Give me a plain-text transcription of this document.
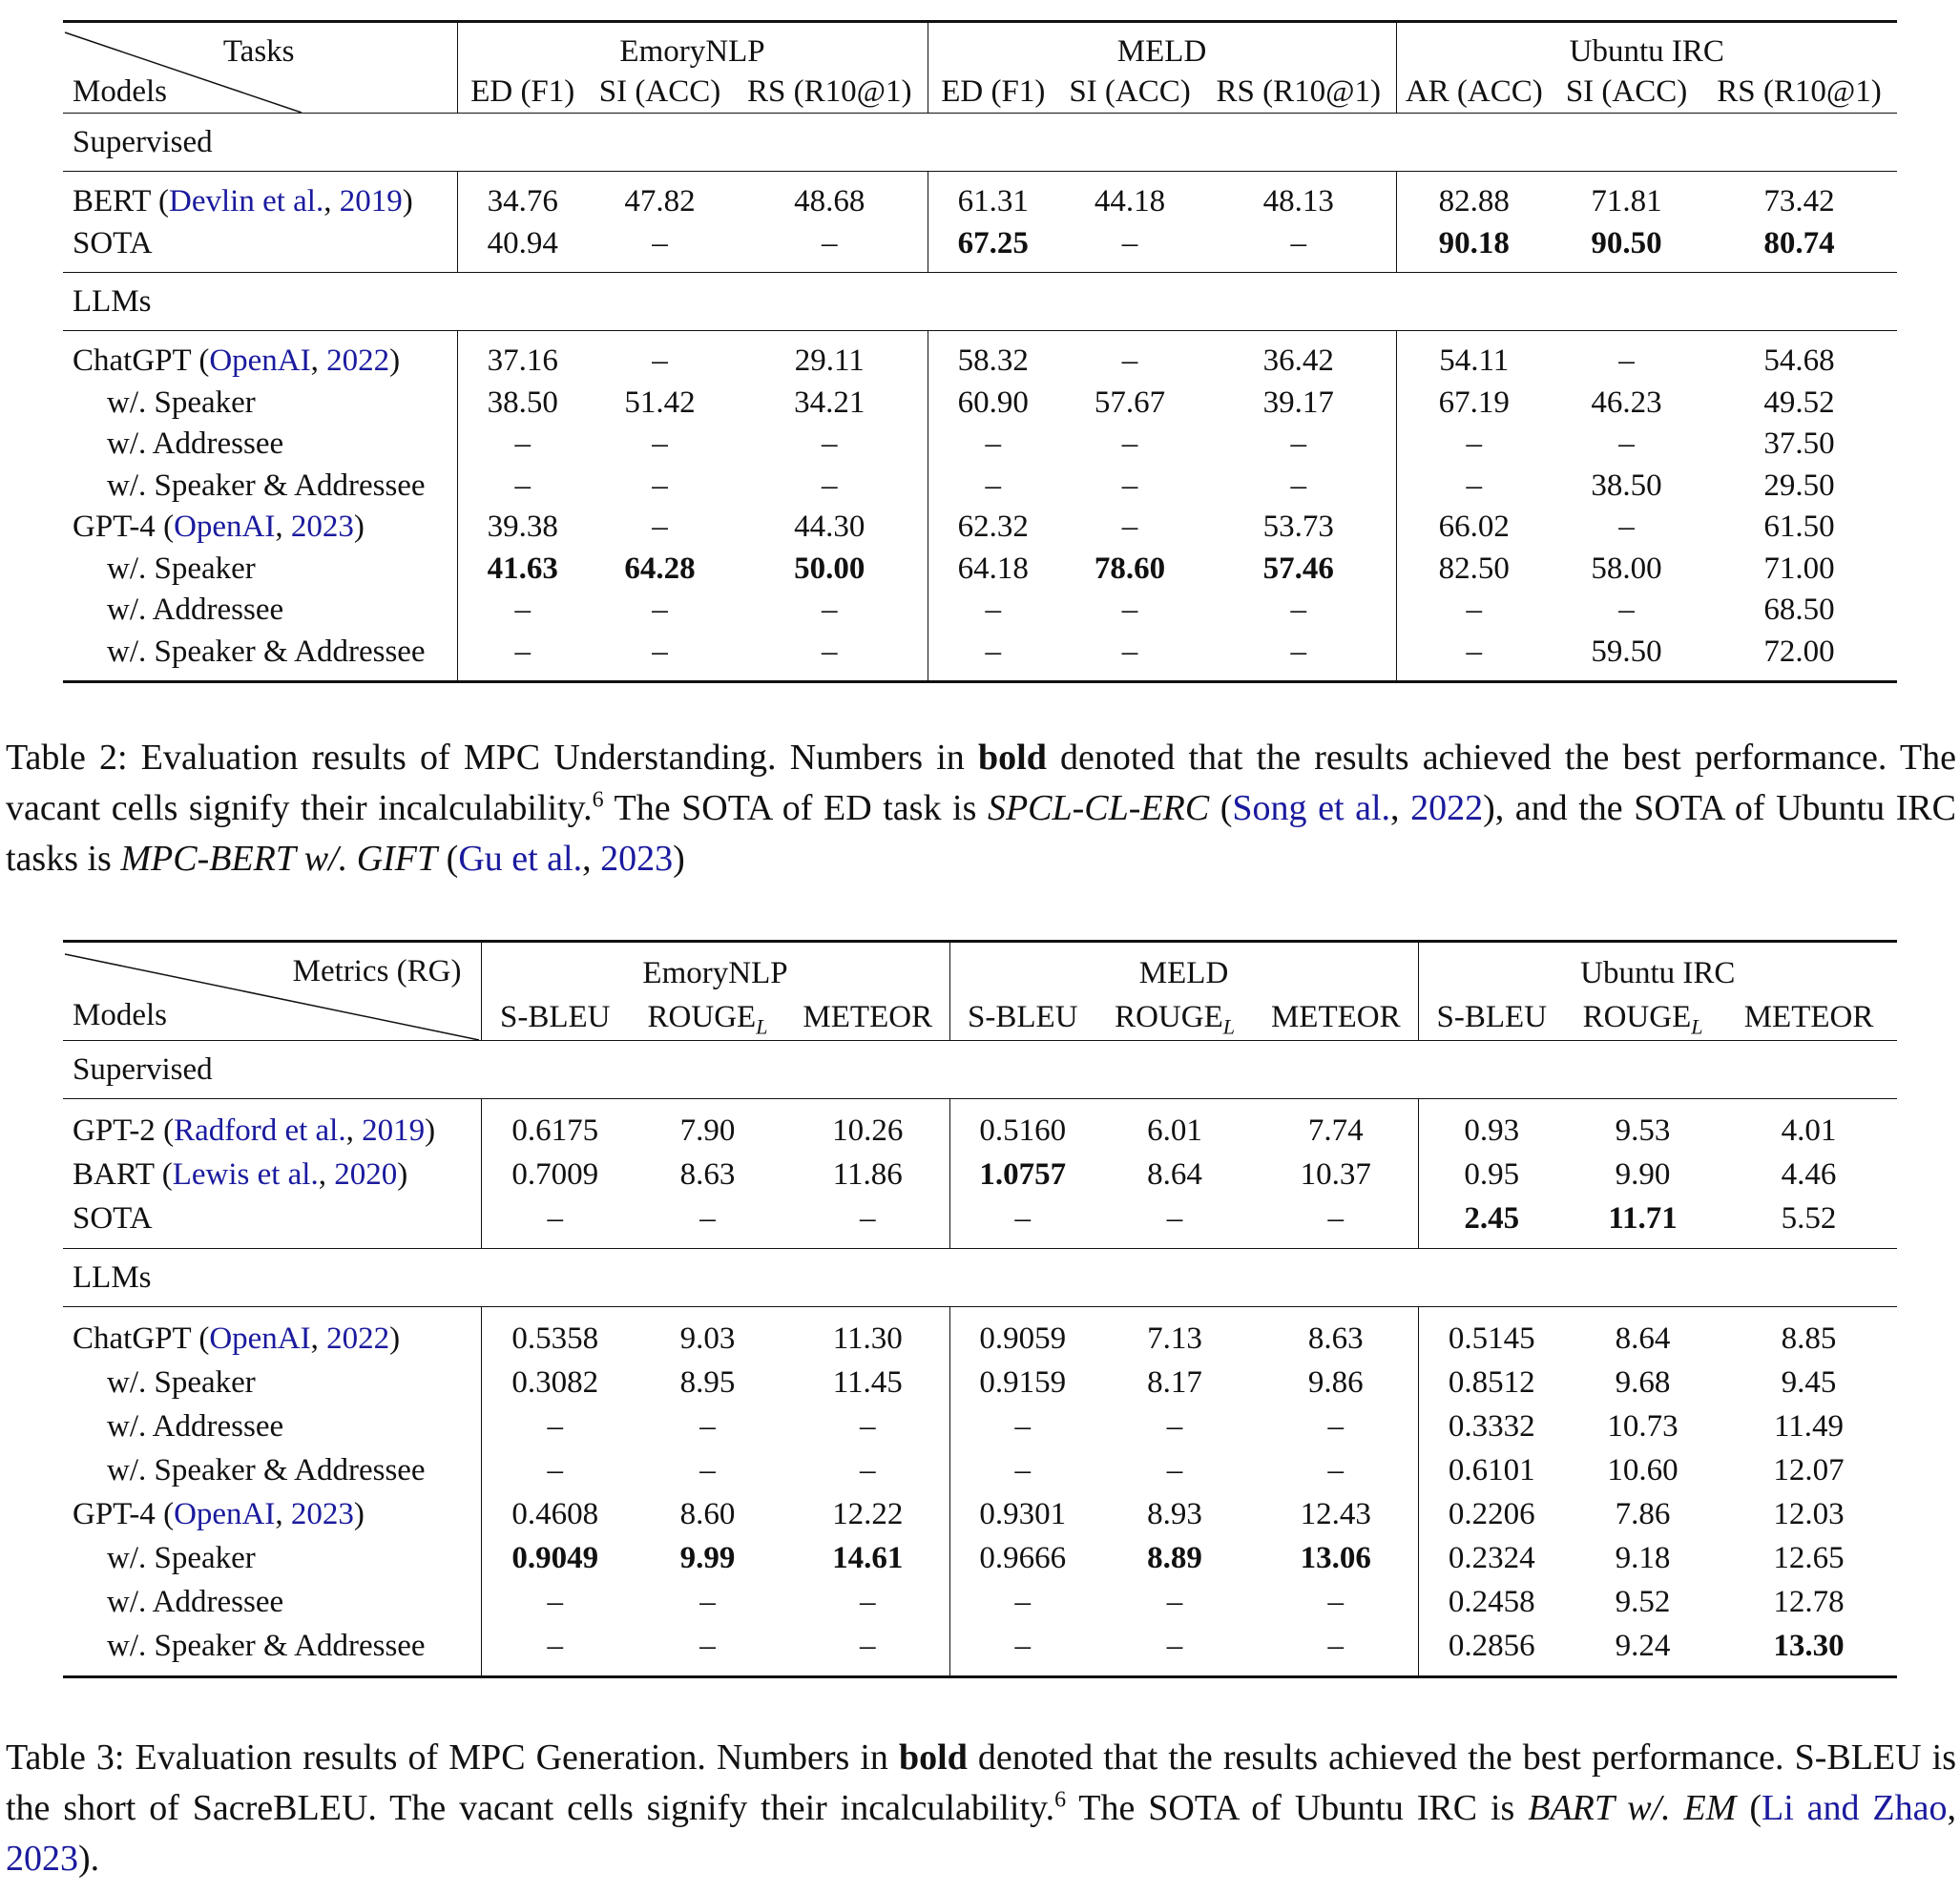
Tasks
Models	EmoryNLP			MELD			Ubuntu IRC		
	ED (F1)	SI (ACC)	RS (R10@1)	ED (F1)	SI (ACC)	RS (R10@1)	AR (ACC)	SI (ACC)	RS (R10@1)
Supervised									
BERT (Devlin et al., 2019)	34.76	47.82	48.68	61.31	44.18	48.13	82.88	71.81	73.42
SOTA	40.94	–	–	67.25	–	–	90.18	90.50	80.74
LLMs									
ChatGPT (OpenAI, 2022)	37.16	–	29.11	58.32	–	36.42	54.11	–	54.68
w/. Speaker	38.50	51.42	34.21	60.90	57.67	39.17	67.19	46.23	49.52
w/. Addressee	–	–	–	–	–	–	–	–	37.50
w/. Speaker & Addressee	–	–	–	–	–	–	–	38.50	29.50
GPT-4 (OpenAI, 2023)	39.38	–	44.30	62.32	–	53.73	66.02	–	61.50
w/. Speaker	41.63	64.28	50.00	64.18	78.60	57.46	82.50	58.00	71.00
w/. Addressee	–	–	–	–	–	–	–	–	68.50
w/. Speaker & Addressee	–	–	–	–	–	–	–	59.50	72.00
Table 2: Evaluation results of MPC Understanding. Numbers in bold denoted that the results achieved the best performance. The vacant cells signify their incalculability.$^6$ The SOTA of ED task is SPCL-CL-ERC (Song et al., 2022), and the SOTA of Ubuntu IRC tasks is MPC-BERT w/. GIFT (Gu et al., 2023)
Metrics (RG)
Models	EmoryNLP			MELD			Ubuntu IRC		
	S-BLEU	$ROUGE_L$	METEOR	S-BLEU	$ROUGE_L$	METEOR	S-BLEU	$ROUGE_L$	METEOR
Supervised									
GPT-2 (Radford et al., 2019)	0.6175	7.90	10.26	0.5160	6.01	7.74	0.93	9.53	4.01
BART (Lewis et al., 2020)	0.7009	8.63	11.86	1.0757	8.64	10.37	0.95	9.90	4.46
SOTA	–	–	–	–	–	–	2.45	11.71	5.52
LLMs									
ChatGPT (OpenAI, 2022)	0.5358	9.03	11.30	0.9059	7.13	8.63	0.5145	8.64	8.85
w/. Speaker	0.3082	8.95	11.45	0.9159	8.17	9.86	0.8512	9.68	9.45
w/. Addressee	–	–	–	–	–	–	0.3332	10.73	11.49
w/. Speaker & Addressee	–	–	–	–	–	–	0.6101	10.60	12.07
GPT-4 (OpenAI, 2023)	0.4608	8.60	12.22	0.9301	8.93	12.43	0.2206	7.86	12.03
w/. Speaker	0.9049	9.99	14.61	0.9666	8.89	13.06	0.2324	9.18	12.65
w/. Addressee	–	–	–	–	–	–	0.2458	9.52	12.78
w/. Speaker & Addressee	–	–	–	–	–	–	0.2856	9.24	13.30
Table 3: Evaluation results of MPC Generation. Numbers in bold denoted that the results achieved the best performance. S-BLEU is the short of SacreBLEU. The vacant cells signify their incalculability.$^6$ The SOTA of Ubuntu IRC is BART w/. EM (Li and Zhao, 2023).
